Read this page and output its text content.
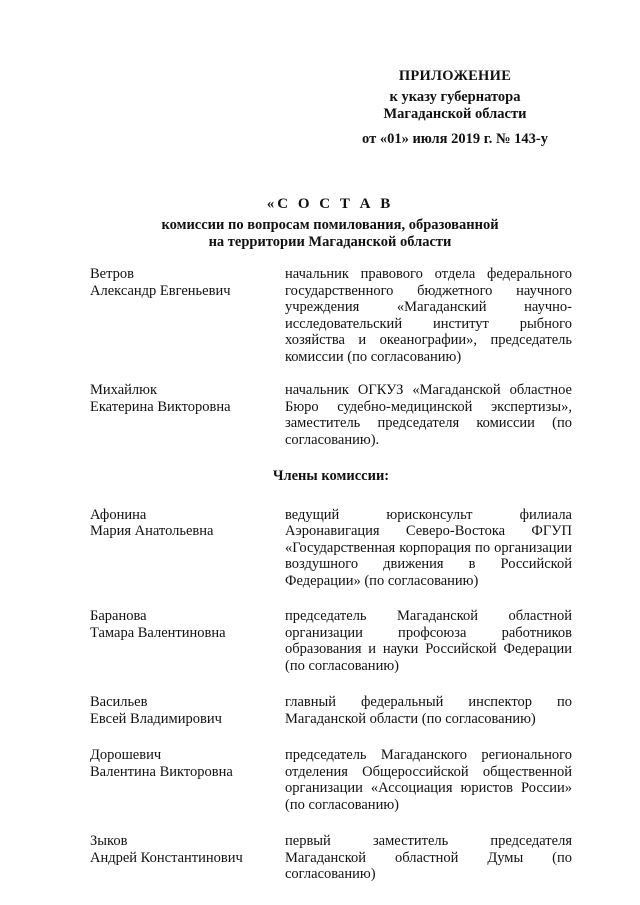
ПРИЛОЖЕНИЕ
к указу губернатора
Магаданской области
от «01» июля 2019 г. № 143-у
«С О С Т А В
комиссии по вопросам помилования, образованной
на территории Магаданской области
Ветров
Александр Евгеньевич
начальник правового отдела федерального государственного бюджетного научного учреждения «Магаданский научно-исследовательский институт рыбного хозяйства и океанографии», председатель комиссии (по согласованию)
Михайлюк
Екатерина Викторовна
начальник ОГКУЗ «Магаданской областное Бюро судебно-медицинской экспертизы», заместитель председателя комиссии (по согласованию).
Члены комиссии:
Афонина
Мария Анатольевна
ведущий юрисконсульт филиала Аэронавигация Северо-Востока ФГУП «Государственная корпорация по организации воздушного движения в Российской Федерации» (по согласованию)
Баранова
Тамара Валентиновна
председатель Магаданской областной организации профсоюза работников образования и науки Российской Федерации (по согласованию)
Васильев
Евсей Владимирович
главный федеральный инспектор по Магаданской области (по согласованию)
Дорошевич
Валентина Викторовна
председатель Магаданского регионального отделения Общероссийской общественной организации «Ассоциация юристов России» (по согласованию)
Зыков
Андрей Константинович
первый заместитель председателя Магаданской областной Думы (по согласованию)
